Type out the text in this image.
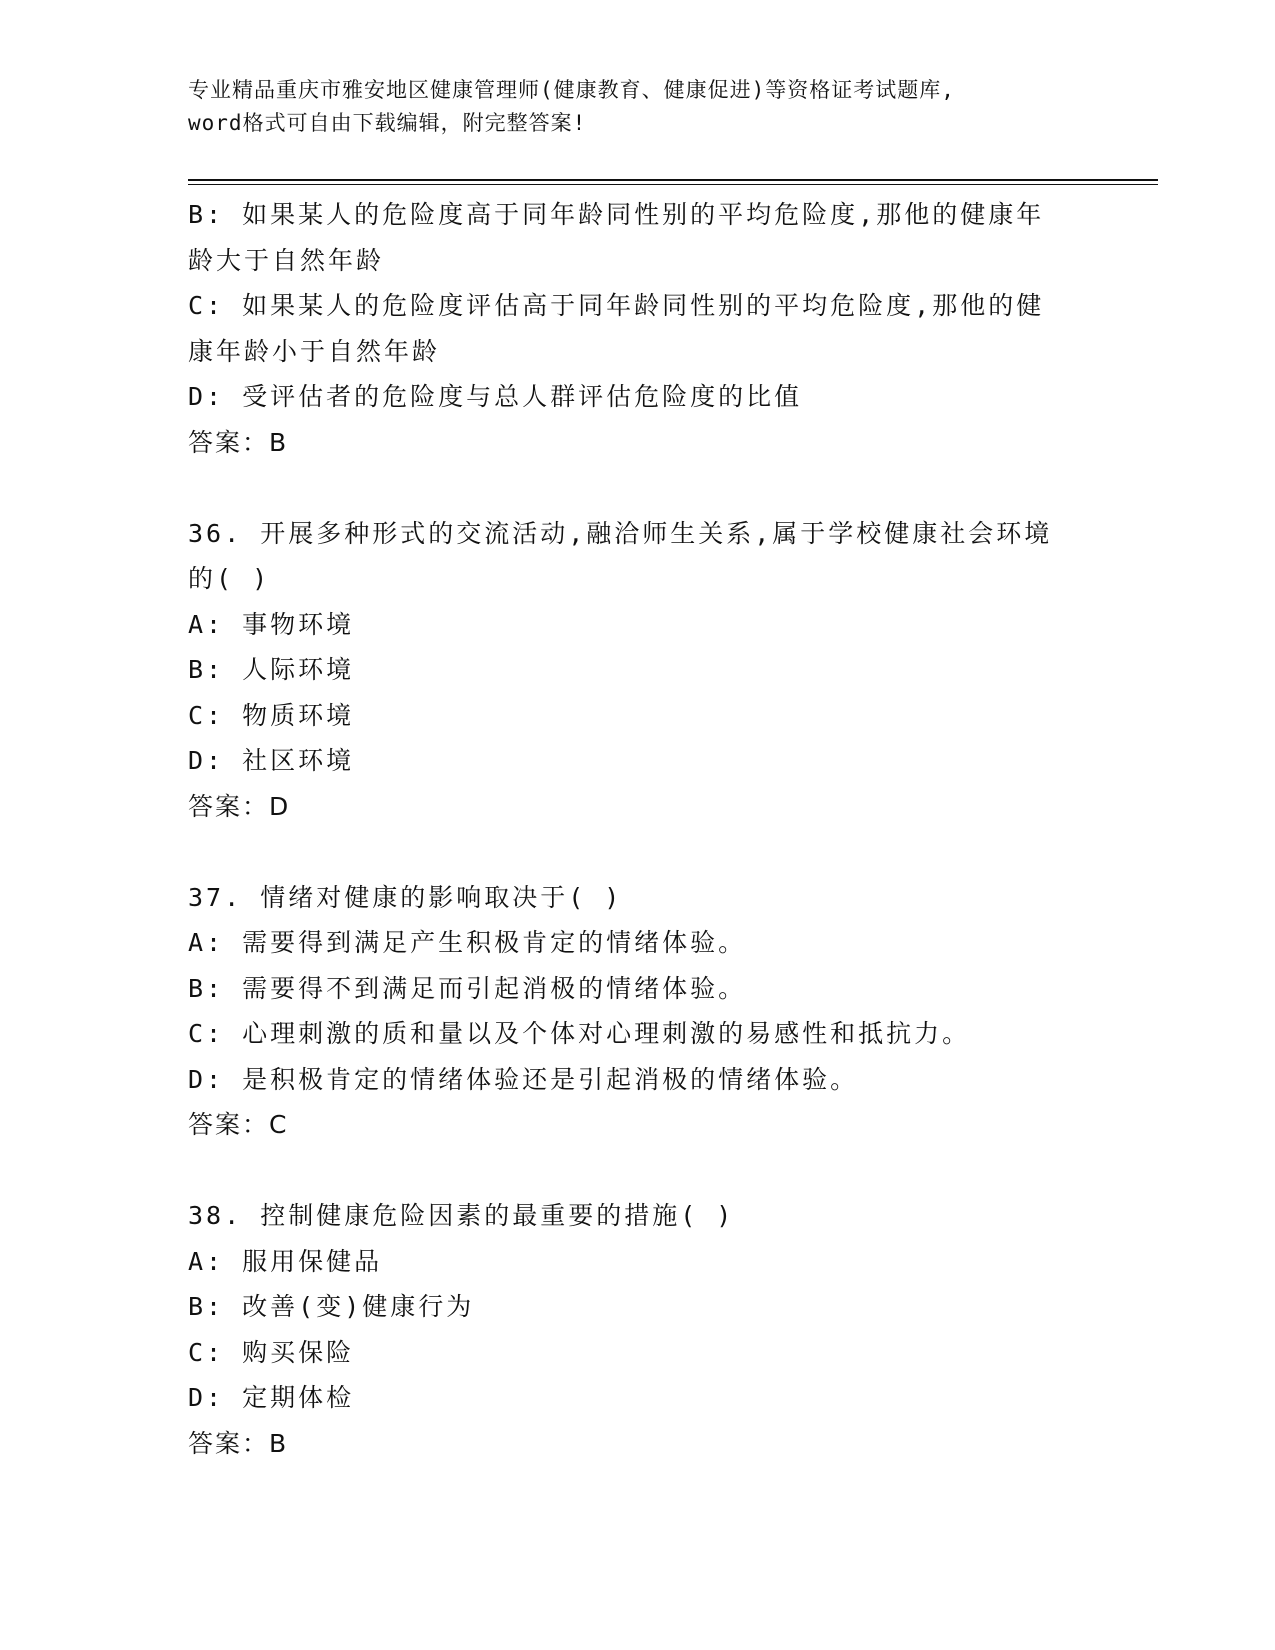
专业精品重庆市雅安地区健康管理师(健康教育、健康促进)等资格证考试题库,
word格式可自由下载编辑，附完整答案!
B: 如果某人的危险度高于同年龄同性别的平均危险度,那他的健康年
龄大于自然年龄
C: 如果某人的危险度评估高于同年龄同性别的平均危险度,那他的健
康年龄小于自然年龄
D: 受评估者的危险度与总人群评估危险度的比值
答案：B
36. 开展多种形式的交流活动,融洽师生关系,属于学校健康社会环境
的( )
A: 事物环境
B: 人际环境
C: 物质环境
D: 社区环境
答案：D
37. 情绪对健康的影响取决于( )
A: 需要得到满足产生积极肯定的情绪体验。
B: 需要得不到满足而引起消极的情绪体验。
C: 心理刺激的质和量以及个体对心理刺激的易感性和抵抗力。
D: 是积极肯定的情绪体验还是引起消极的情绪体验。
答案：C
38. 控制健康危险因素的最重要的措施( )
A: 服用保健品
B: 改善(变)健康行为
C: 购买保险
D: 定期体检
答案：B
